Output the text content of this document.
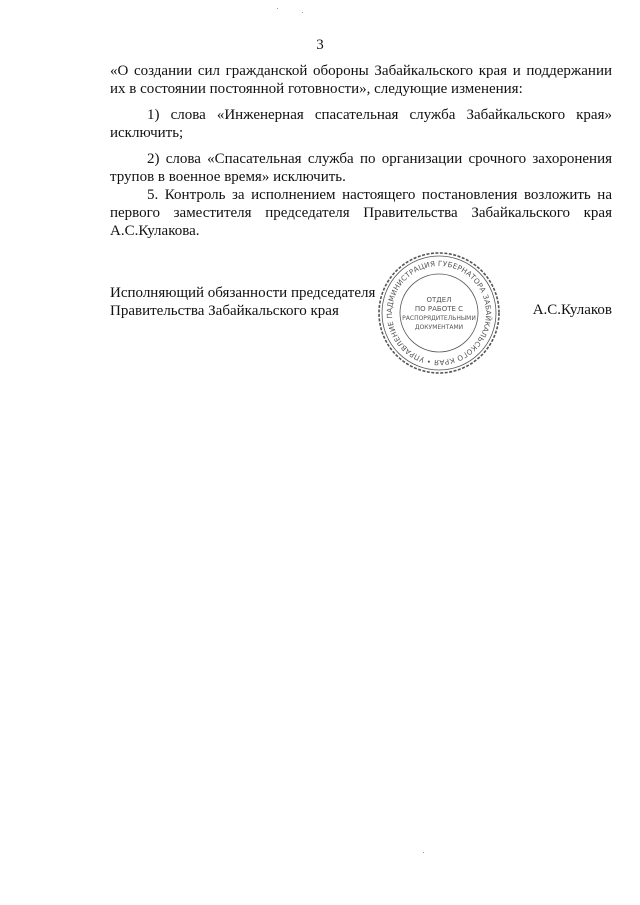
3

«О создании сил гражданской обороны Забайкальского края и поддержании их в состоянии постоянной готовности», следующие изменения:

1) слова «Инженерная спасательная служба Забайкальского края» исключить;

2) слова «Спасательная служба по организации срочного захоронения трупов в военное время» исключить.

5. Контроль за исполнением настоящего постановления возложить на первого заместителя председателя Правительства Забайкальского края А.С.Кулакова.

Исполняющий обязанности председателя
Правительства Забайкальского края	АДМИНИСТРАЦИЯ ГУБЕРНАТОРА ЗАБАЙКАЛЬСКОГО КРАЯ • УПРАВЛЕНИЕ П
ОТДЕЛ
ПО РАБОТЕ С
РАСПОРЯДИТЕЛЬНЫМИ
ДОКУМЕНТАМИ
А.С.Кулаков
